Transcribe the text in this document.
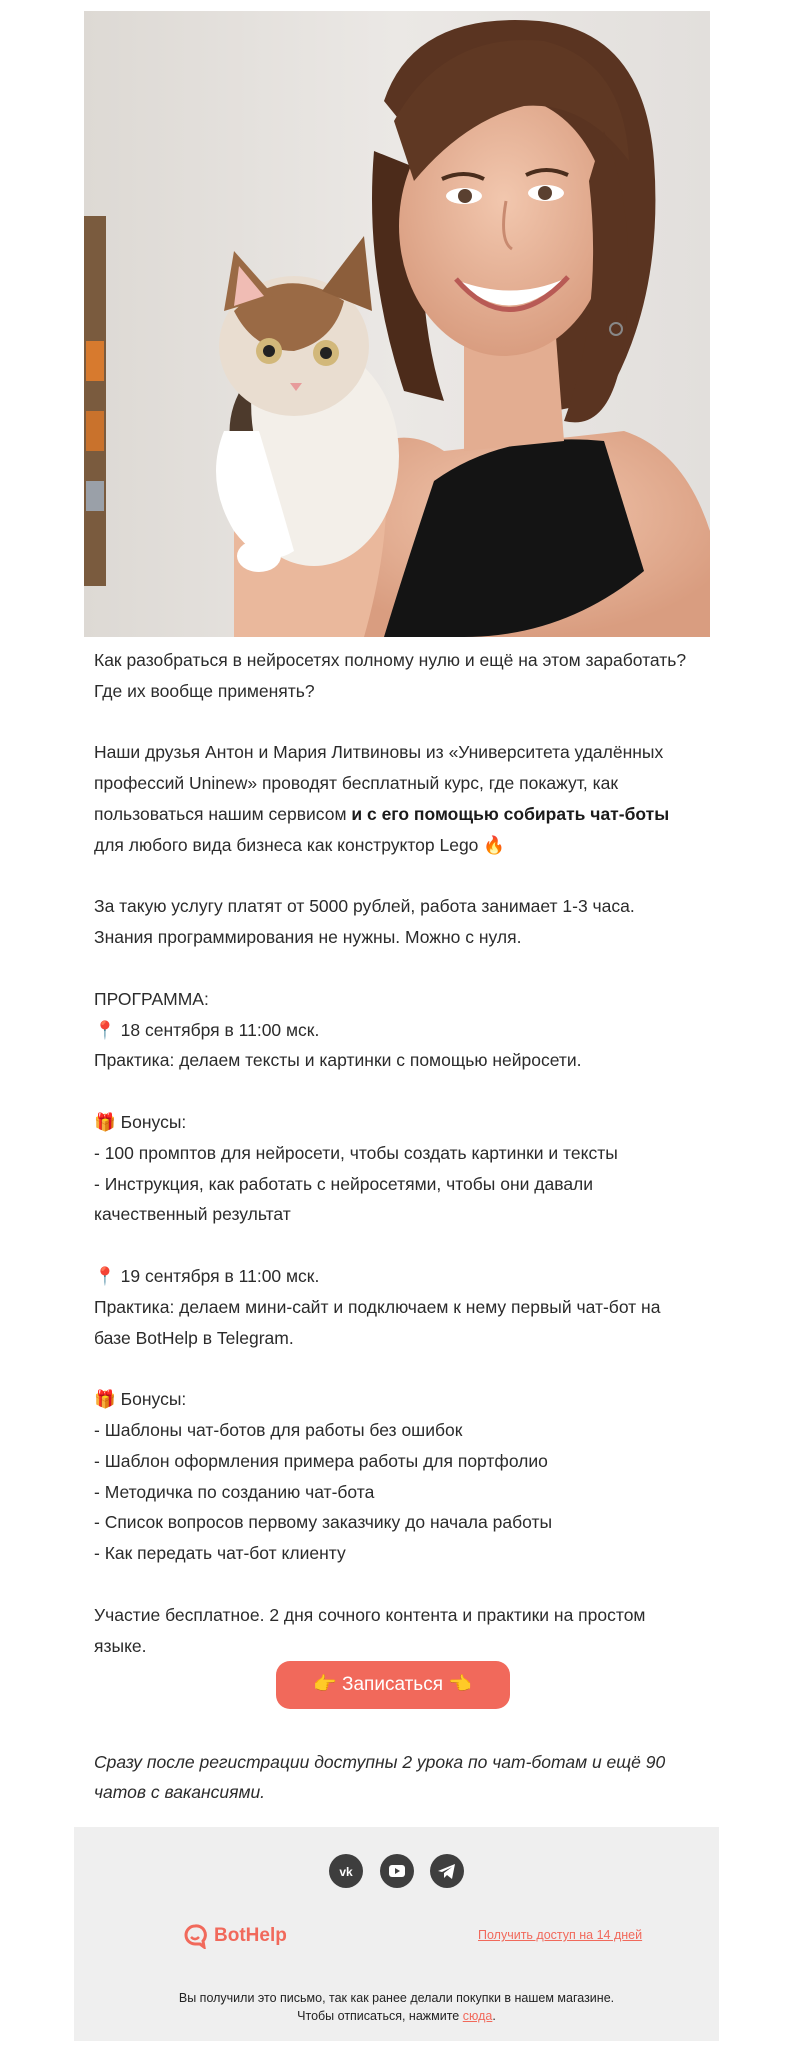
Как разобраться в нейросетях полному нулю и ещё на этом заработать? Где их вообще применять?

Наши друзья Антон и Мария Литвиновы из «Университета удалённых профессий Uninew» проводят бесплатный курс, где покажут, как пользоваться нашим сервисом и с его помощью собирать чат-боты для любого вида бизнеса как конструктор Lego 🔥

За такую услугу платят от 5000 рублей, работа занимает 1-3 часа. Знания программирования не нужны. Можно с нуля.

ПРОГРАММА:

📍 18 сентября в 11:00 мск.

Практика: делаем тексты и картинки с помощью нейросети.

🎁 Бонусы:

- 100 промптов для нейросети, чтобы создать картинки и тексты

- Инструкция, как работать с нейросетями, чтобы они давали качественный результат

📍 19 сентября в 11:00 мск.

Практика: делаем мини-сайт и подключаем к нему первый чат-бот на базе BotHelp в Telegram.

🎁 Бонусы:

- Шаблоны чат-ботов для работы без ошибок

- Шаблон оформления примера работы для портфолио

- Методичка по созданию чат-бота

- Список вопросов первому заказчику до начала работы

- Как передать чат-бот клиенту

Участие бесплатное. 2 дня сочного контента и практики на простом языке.

👉 Записаться 👈

Сразу после регистрации доступны 2 урока по чат-ботам и ещё 90 чатов с вакансиями.

vk

BotHelp	Получить доступ на 14 дней
Вы получили это письмо, так как ранее делали покупки в нашем магазине.
Чтобы отписаться, нажмите сюда.
